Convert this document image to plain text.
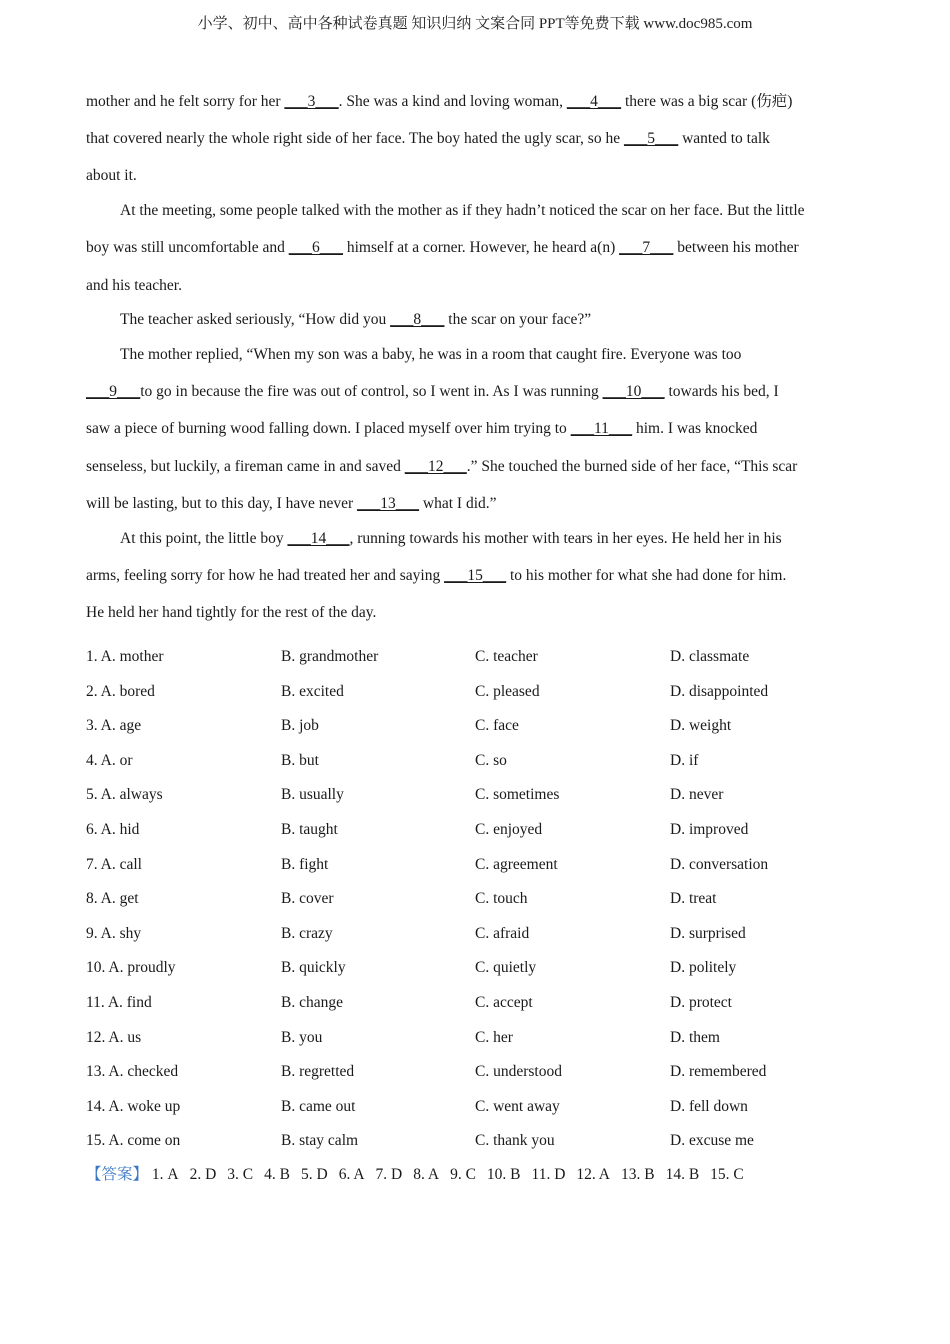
小学、初中、高中各种试卷真题 知识归纳 文案合同 PPT等免费下载 www.doc985.com
mother and he felt sorry for her ___3___. She was a kind and loving woman, ___4___ there was a big scar (伤疤)
that covered nearly the whole right side of her face. The boy hated the ugly scar, so he ___5___ wanted to talk
about it.
At the meeting, some people talked with the mother as if they hadn’t noticed the scar on her face. But the little
boy was still uncomfortable and ___6___ himself at a corner. However, he heard a(n) ___7___ between his mother
and his teacher.
The teacher asked seriously, “How did you ___8___ the scar on your face?”
The mother replied, “When my son was a baby, he was in a room that caught fire. Everyone was too
___9___to go in because the fire was out of control, so I went in. As I was running ___10___ towards his bed, I
saw a piece of burning wood falling down. I placed myself over him trying to ___11___ him. I was knocked
senseless, but luckily, a fireman came in and saved ___12___.” She touched the burned side of her face, “This scar
will be lasting, but to this day, I have never ___13___ what I did.”
At this point, the little boy ___14___, running towards his mother with tears in her eyes. He held her in his
arms, feeling sorry for how he had treated her and saying ___15___ to his mother for what she had done for him.
He held her hand tightly for the rest of the day.
1. A. mother	B. grandmother	C. teacher	D. classmate
2. A. bored	B. excited	C. pleased	D. disappointed
3. A. age	B. job	C. face	D. weight
4. A. or	B. but	C. so	D. if
5. A. always	B. usually	C. sometimes	D. never
6. A. hid	B. taught	C. enjoyed	D. improved
7. A. call	B. fight	C. agreement	D. conversation
8. A. get	B. cover	C. touch	D. treat
9. A. shy	B. crazy	C. afraid	D. surprised
10. A. proudly	B. quickly	C. quietly	D. politely
11. A. find	B. change	C. accept	D. protect
12. A. us	B. you	C. her	D. them
13. A. checked	B. regretted	C. understood	D. remembered
14. A. woke up	B. came out	C. went away	D. fell down
15. A. come on	B. stay calm	C. thank you	D. excuse me
【答案】 1. A 2. D 3. C 4. B 5. D 6. A 7. D 8. A 9. C 10. B 11. D 12. A 13. B 14. B 15. C
